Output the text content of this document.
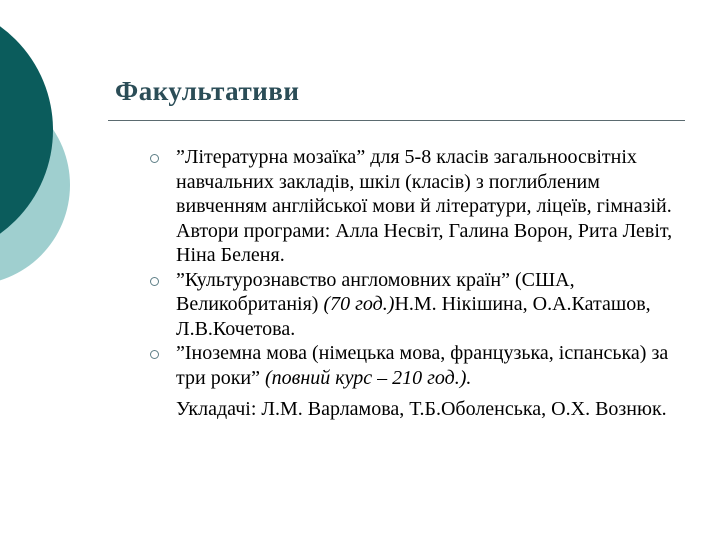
Факультативи
”Літературна мозаїка” для 5-8 класів загальноосвітніх навчальних закладів, шкіл (класів) з поглибленим вивченням англійської мови й літератури, ліцеїв, гімназій. Автори програми: Алла Несвіт, Галина Ворон, Рита Левіт, Ніна Беленя.
”Культурознавство англомовних країн” (США, Великобританія) (70 год.)Н.М. Нікішина, О.А.Каташов, Л.В.Кочетова.
”Іноземна мова (німецька мова, французька, іспанська) за три роки” (повний курс – 210 год.).
Укладачі: Л.М. Варламова, Т.Б.Оболенська, О.Х. Вознюк.
